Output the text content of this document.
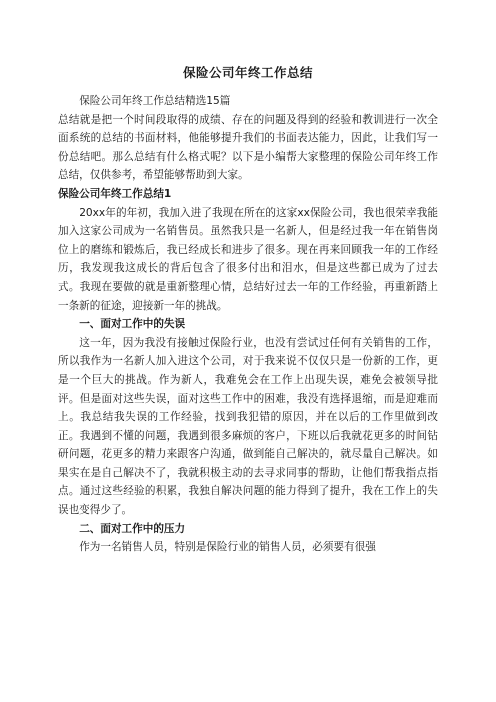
保险公司年终工作总结

保险公司年终工作总结精选15篇

总结就是把一个时间段取得的成绩、存在的问题及得到的经验和教训进行一次全面系统的总结的书面材料，他能够提升我们的书面表达能力，因此，让我们写一份总结吧。那么总结有什么格式呢？以下是小编帮大家整理的保险公司年终工作总结，仅供参考，希望能够帮助到大家。

保险公司年终工作总结1

20xx年的年初，我加入进了我现在所在的这家xx保险公司，我也很荣幸我能加入这家公司成为一名销售员。虽然我只是一名新人，但是经过我一年在销售岗位上的磨练和锻炼后，我已经成长和进步了很多。现在再来回顾我一年的工作经历，我发现我这成长的背后包含了很多付出和泪水，但是这些都已成为了过去式。我现在要做的就是重新整理心情，总结好过去一年的工作经验，再重新踏上一条新的征途，迎接新一年的挑战。

一、面对工作中的失误

这一年，因为我没有接触过保险行业，也没有尝试过任何有关销售的工作，所以我作为一名新人加入进这个公司，对于我来说不仅仅只是一份新的工作，更是一个巨大的挑战。作为新人，我难免会在工作上出现失误，难免会被领导批评。但是面对这些失误，面对这些工作中的困难，我没有选择退缩，而是迎难而上。我总结我失误的工作经验，找到我犯错的原因，并在以后的工作里做到改正。我遇到不懂的问题，我遇到很多麻烦的客户，下班以后我就花更多的时间钻研问题，花更多的精力来跟客户沟通，做到能自己解决的，就尽量自己解决。如果实在是自己解决不了，我就积极主动的去寻求同事的帮助，让他们帮我指点指点。通过这些经验的积累，我独自解决问题的能力得到了提升，我在工作上的失误也变得少了。

二、面对工作中的压力

作为一名销售人员，特别是保险行业的销售人员，必须要有很强
